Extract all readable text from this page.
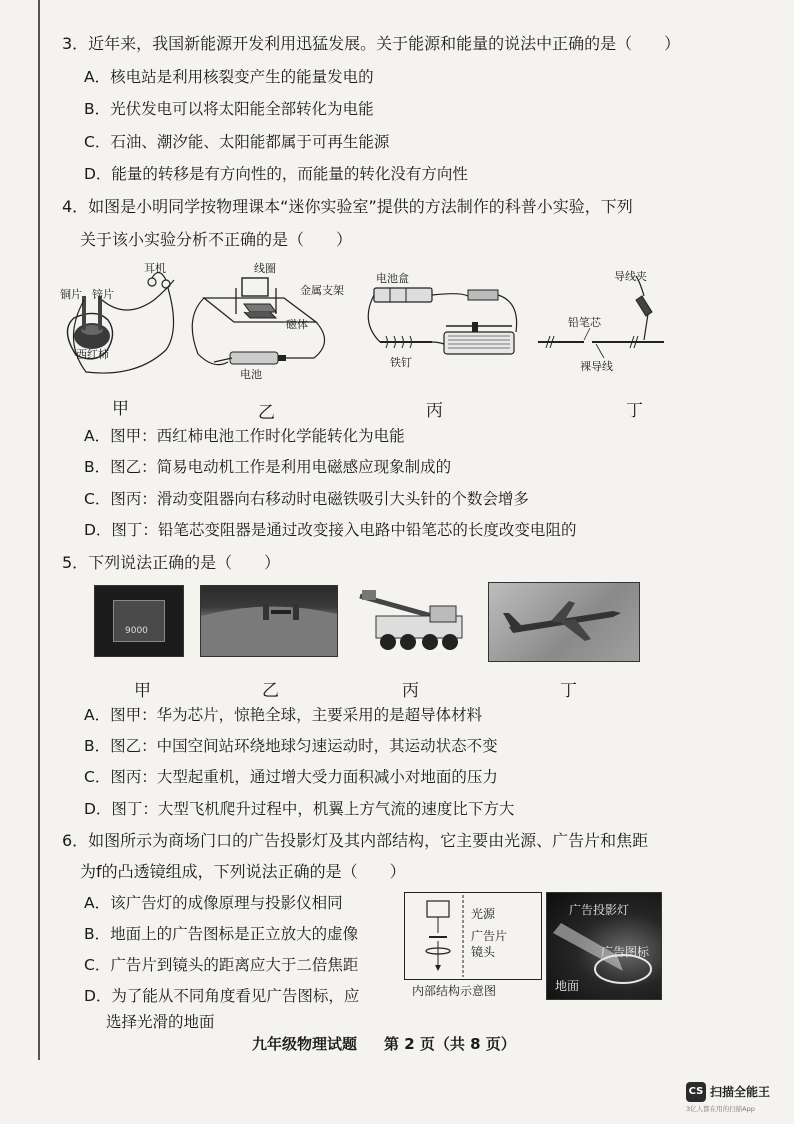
3．近年来，我国新能源开发利用迅猛发展。关于能源和能量的说法中正确的是（　　）
A．核电站是利用核裂变产生的能量发电的
B．光伏发电可以将太阳能全部转化为电能
C．石油、潮汐能、太阳能都属于可再生能源
D．能量的转移是有方向性的，而能量的转化没有方向性
4．如图是小明同学按物理课本“迷你实验室”提供的方法制作的科普小实验，下列
关于该小实验分析不正确的是（　　）
铜片 锌片
耳机
西红柿
线圈
金属支架
磁体
电池
电池盒
铁钉
导线夹
铅笔芯
裸导线
甲	乙	丙	丁
A．图甲：西红柿电池工作时化学能转化为电能
B．图乙：简易电动机工作是利用电磁感应现象制成的
C．图丙：滑动变阻器向右移动时电磁铁吸引大头针的个数会增多
D．图丁：铅笔芯变阻器是通过改变接入电路中铅笔芯的长度改变电阻的
5．下列说法正确的是（　　）
9000
甲	乙	丙	丁
A．图甲：华为芯片，惊艳全球，主要采用的是超导体材料
B．图乙：中国空间站环绕地球匀速运动时，其运动状态不变
C．图丙：大型起重机，通过增大受力面积减小对地面的压力
D．图丁：大型飞机爬升过程中，机翼上方气流的速度比下方大
6．如图所示为商场门口的广告投影灯及其内部结构，它主要由光源、广告片和焦距
为f的凸透镜组成，下列说法正确的是（　　）
A．该广告灯的成像原理与投影仪相同
B．地面上的广告图标是正立放大的虚像
C．广告片到镜头的距离应大于二倍焦距
D．为了能从不同角度看见广告图标，应
选择光滑的地面
光源
广告片
镜头
内部结构示意图
广告投影灯
广告图标
地面
九年级物理试题 第 2 页（共 8 页）
CS 扫描全能王
3亿人都在用的扫描App
